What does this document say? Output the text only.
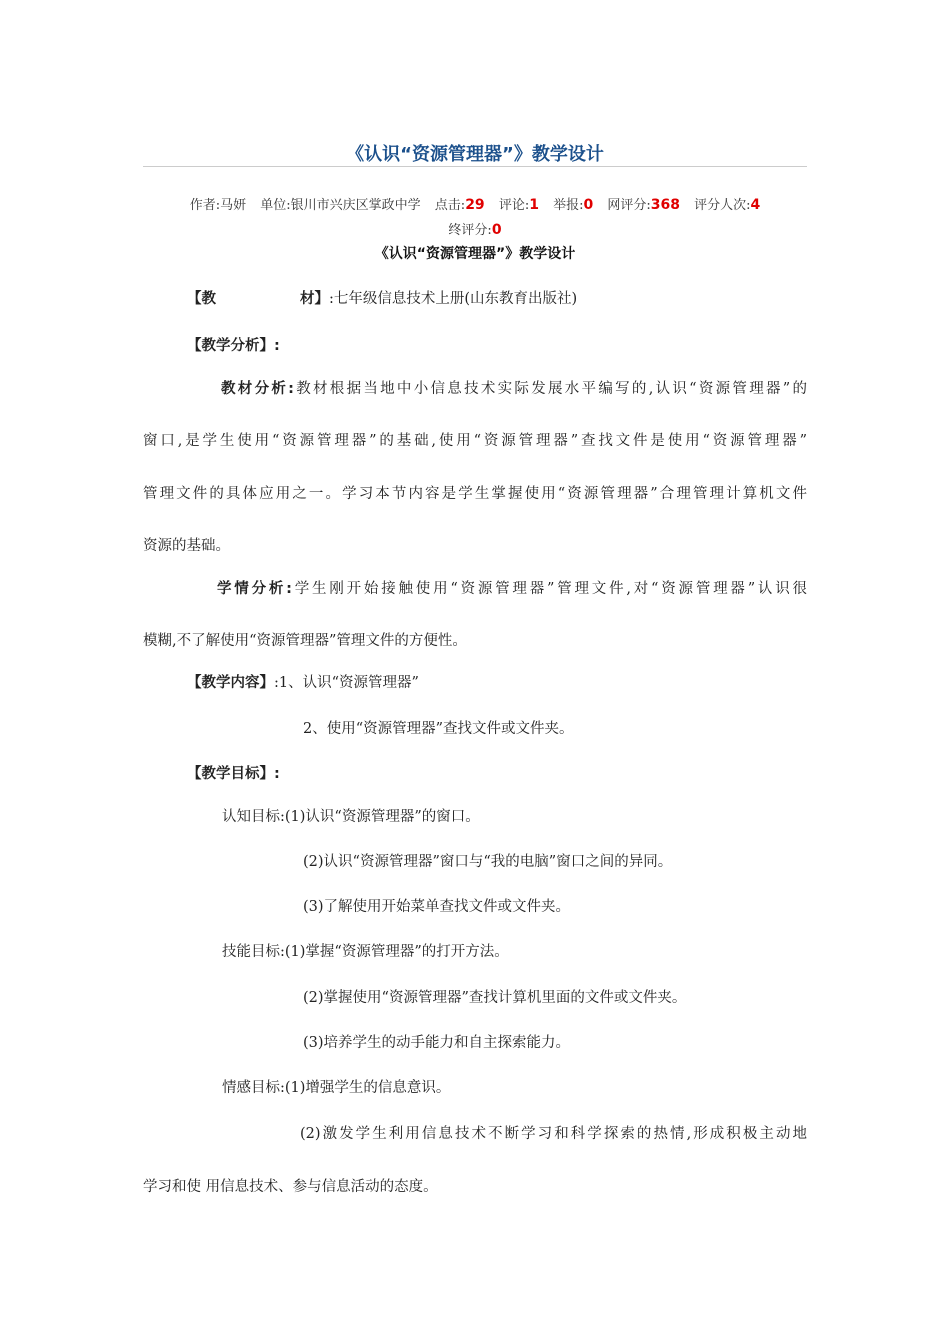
《认识“资源管理器”》教学设计
作者:马妍 单位:银川市兴庆区掌政中学 点击:29 评论:1 举报:0 网评分:368 评分人次:4
终评分:0
《认识“资源管理器”》教学设计
【教	材】:七年级信息技术上册(山东教育出版社)
【教学分析】:
教材分析:教材根据当地中小信息技术实际发展水平编写的,认识“资源管理器”的
窗口,是学生使用“资源管理器”的基础,使用“资源管理器”查找文件是使用“资源管理器”
管理文件的具体应用之一。学习本节内容是学生掌握使用“资源管理器”合理管理计算机文件
资源的基础。
学情分析:学生刚开始接触使用“资源管理器”管理文件,对“资源管理器”认识很
模糊,不了解使用“资源管理器”管理文件的方便性。
【教学内容】:1、认识“资源管理器”
2、使用“资源管理器”查找文件或文件夹。
【教学目标】:
认知目标:(1)认识“资源管理器”的窗口。
(2)认识“资源管理器”窗口与“我的电脑”窗口之间的异同。
(3)了解使用开始菜单查找文件或文件夹。
技能目标:(1)掌握“资源管理器”的打开方法。
(2)掌握使用“资源管理器”查找计算机里面的文件或文件夹。
(3)培养学生的动手能力和自主探索能力。
情感目标:(1)增强学生的信息意识。
(2)激发学生利用信息技术不断学习和科学探索的热情,形成积极主动地
学习和使 用信息技术、参与信息活动的态度。
